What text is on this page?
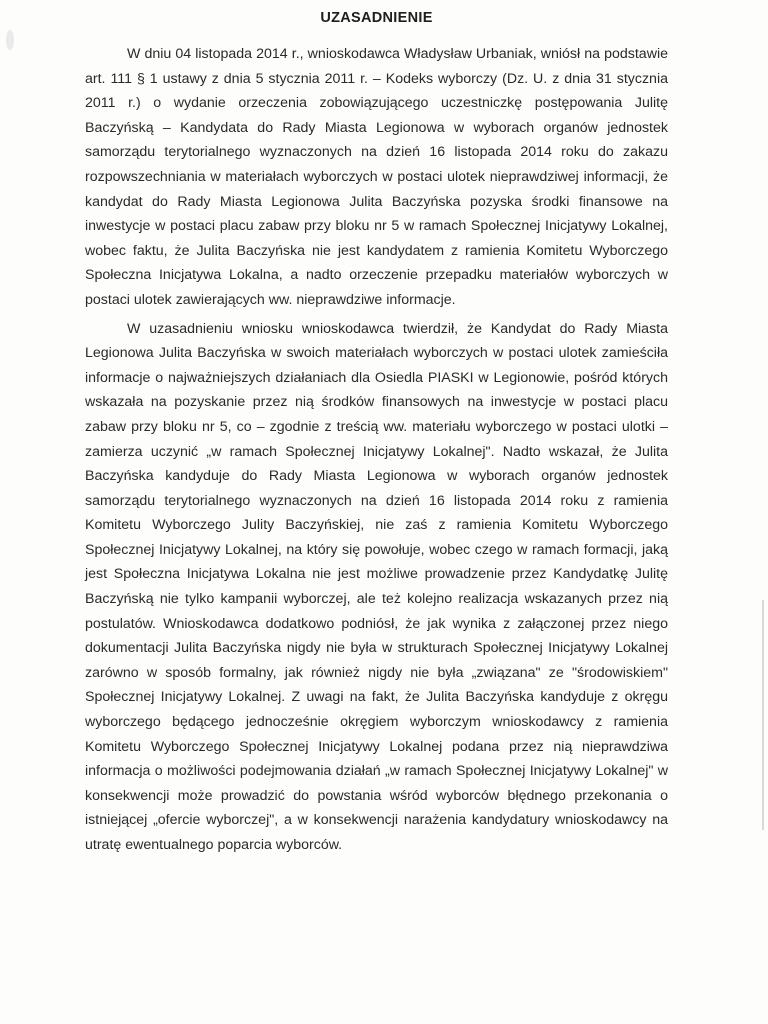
UZASADNIENIE

W dniu 04 listopada 2014 r., wnioskodawca Władysław Urbaniak, wniósł na podstawie art. 111 § 1 ustawy z dnia 5 stycznia 2011 r. – Kodeks wyborczy (Dz. U. z dnia 31 stycznia 2011 r.) o wydanie orzeczenia zobowiązującego uczestniczkę postępowania Julitę Baczyńską – Kandydata do Rady Miasta Legionowa w wyborach organów jednostek samorządu terytorialnego wyznaczonych na dzień 16 listopada 2014 roku do zakazu rozpowszechniania w materiałach wyborczych w postaci ulotek nieprawdziwej informacji, że kandydat do Rady Miasta Legionowa Julita Baczyńska pozyska środki finansowe na inwestycje w postaci placu zabaw przy bloku nr 5 w ramach Społecznej Inicjatywy Lokalnej, wobec faktu, że Julita Baczyńska nie jest kandydatem z ramienia Komitetu Wyborczego Społeczna Inicjatywa Lokalna, a nadto orzeczenie przepadku materiałów wyborczych w postaci ulotek zawierających ww. nieprawdziwe informacje.

W uzasadnieniu wniosku wnioskodawca twierdził, że Kandydat do Rady Miasta Legionowa Julita Baczyńska w swoich materiałach wyborczych w postaci ulotek zamieściła informacje o najważniejszych działaniach dla Osiedla PIASKI w Legionowie, pośród których wskazała na pozyskanie przez nią środków finansowych na inwestycje w postaci placu zabaw przy bloku nr 5, co – zgodnie z treścią ww. materiału wyborczego w postaci ulotki – zamierza uczynić „w ramach Społecznej Inicjatywy Lokalnej". Nadto wskazał, że Julita Baczyńska kandyduje do Rady Miasta Legionowa w wyborach organów jednostek samorządu terytorialnego wyznaczonych na dzień 16 listopada 2014 roku z ramienia Komitetu Wyborczego Julity Baczyńskiej, nie zaś z ramienia Komitetu Wyborczego Społecznej Inicjatywy Lokalnej, na który się powołuje, wobec czego w ramach formacji, jaką jest Społeczna Inicjatywa Lokalna nie jest możliwe prowadzenie przez Kandydatkę Julitę Baczyńską nie tylko kampanii wyborczej, ale też kolejno realizacja wskazanych przez nią postulatów. Wnioskodawca dodatkowo podniósł, że jak wynika z załączonej przez niego dokumentacji Julita Baczyńska nigdy nie była w strukturach Społecznej Inicjatywy Lokalnej zarówno w sposób formalny, jak również nigdy nie była „związana" ze "środowiskiem" Społecznej Inicjatywy Lokalnej. Z uwagi na fakt, że Julita Baczyńska kandyduje z okręgu wyborczego będącego jednocześnie okręgiem wyborczym wnioskodawcy z ramienia Komitetu Wyborczego Społecznej Inicjatywy Lokalnej podana przez nią nieprawdziwa informacja o możliwości podejmowania działań „w ramach Społecznej Inicjatywy Lokalnej" w konsekwencji może prowadzić do powstania wśród wyborców błędnego przekonania o istniejącej „ofercie wyborczej", a w konsekwencji narażenia kandydatury wnioskodawcy na utratę ewentualnego poparcia wyborców.
